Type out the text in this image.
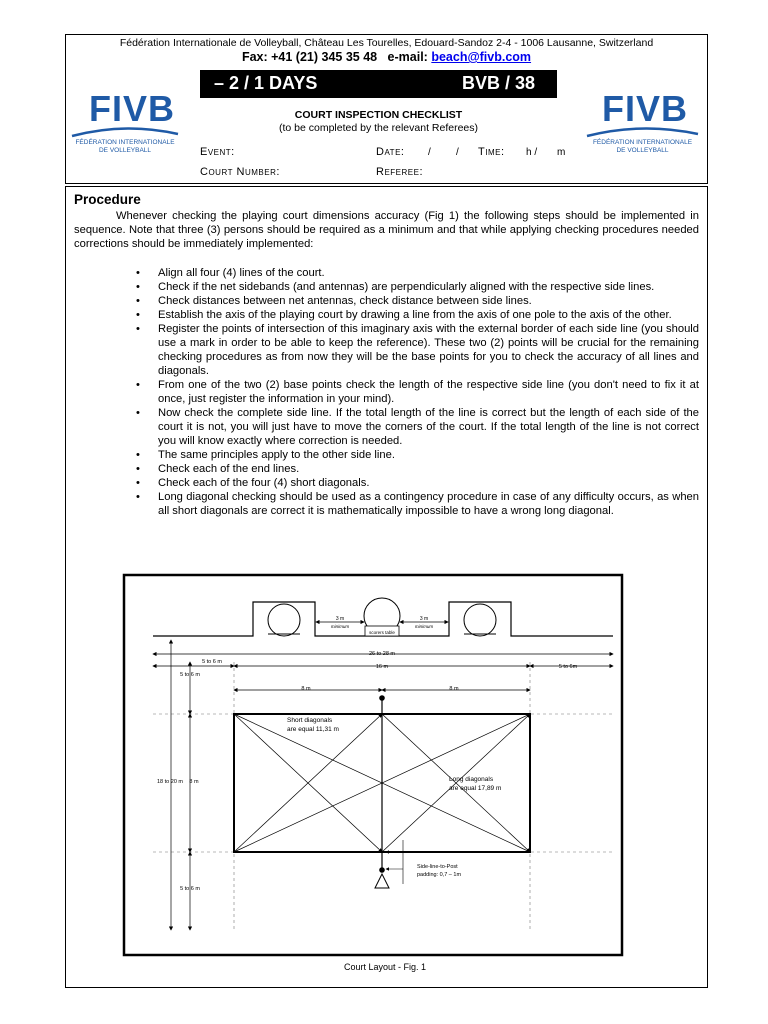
Fédération Internationale de Volleyball, Château Les Tourelles, Edouard-Sandoz 2-4 - 1006 Lausanne, Switzerland
Fax: +41 (21) 345 35 48 e-mail: beach@fivb.com
– 2 / 1 DAYS	BVB / 38
FIVB
FÉDÉRATION INTERNATIONALE
DE VOLLEYBALL
FIVB
FÉDÉRATION INTERNATIONALE
DE VOLLEYBALL
COURT INSPECTION CHECKLIST
(to be completed by the relevant Referees)
Event:	Date: /	/ Time: h / m
Court Number:	Referee:
Procedure
Whenever checking the playing court dimensions accuracy (Fig 1) the following steps should be implemented in sequence. Note that three (3) persons should be required as a minimum and that while applying checking procedures needed corrections should be immediately implemented:
• Align all four (4) lines of the court.
• Check if the net sidebands (and antennas) are perpendicularly aligned with the respective side lines.
• Check distances between net antennas, check distance between side lines.
• Establish the axis of the playing court by drawing a line from the axis of one pole to the axis of the other.
• Register the points of intersection of this imaginary axis with the external border of each side line (you should use a mark in order to be able to keep the reference). These two (2) points will be crucial for the remaining checking procedures as from now they will be the base points for you to check the accuracy of all lines and diagonals.
• From one of the two (2) base points check the length of the respective side line (you don't need to fix it at once, just register the information in your mind).
• Now check the complete side line. If the total length of the line is correct but the length of each side of the court it is not, you will just have to move the corners of the court. If the total length of the line is not correct you will know exactly where correction is needed.
• The same principles apply to the other side line.
• Check each of the end lines.
• Check each of the four (4) short diagonals.
• Long diagonal checking should be used as a contingency procedure in case of any difficulty occurs, as when all short diagonals are correct it is mathematically impossible to have a wrong long diagonal.
scorers table
3 m
minimum
3 m
minimum
26 to 28 m
5 to 6 m
16 m	5 to 6m
8 m	8 m
18 to 20 m
5 to 6 m
8 m
5 to 6 m
Short diagonals
are equal 11,31 m
Long diagonals
are equal 17,89 m
Side-line-to-Post
padding: 0,7 – 1m
Court Layout - Fig. 1
